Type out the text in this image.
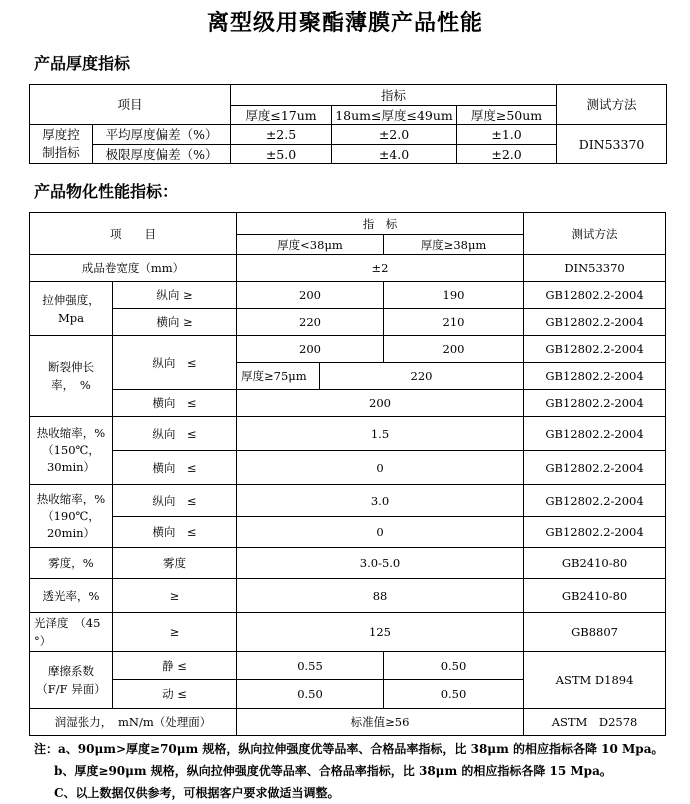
离型级用聚酯薄膜产品性能
产品厚度指标
项目		指标			测试方法
		厚度≤17um	18um≤厚度≤49um	厚度≥50um	
厚度控
制指标	平均厚度偏差（%）	±2.5	±2.0	±1.0	DIN53370
	极限厚度偏差（%）	±5.0	±4.0	±2.0	
产品物化性能指标：
项　　目		指　标			测试方法
		厚度<38μm		厚度≥38μm	
成品卷宽度（mm）		±2			DIN53370
拉伸强度，
Mpa	纵向 ≥	200		190	GB12802.2-2004
	横向 ≥	220		210	GB12802.2-2004
断裂伸长
率，　%	纵向　≤	200		200	GB12802.2-2004
		厚度≥75μm	220		GB12802.2-2004
	横向　≤	200			GB12802.2-2004
热收缩率，%
（150℃，
30min）	纵向　≤	1.5			GB12802.2-2004
	横向　≤	0			GB12802.2-2004
热收缩率，%
（190℃，
20min）	纵向　≤	3.0			GB12802.2-2004
	横向　≤	0			GB12802.2-2004
雾度，%	雾度	3.0-5.0			GB2410-80
透光率，%	≥	88			GB2410-80
光泽度　（45
°）	≥	125			GB8807
摩擦系数
（F/F 异面）	静 ≤	0.55		0.50	ASTM D1894
	动 ≤	0.50		0.50	
润湿张力，　mN/m（处理面）		标准值≥56			ASTM　D2578
注：a、90μm>厚度≥70μm 规格，纵向拉伸强度优等品率、合格品率指标，比 38μm 的相应指标各降 10 Mpa。
b、厚度≥90μm 规格，纵向拉伸强度优等品率、合格品率指标，比 38μm 的相应指标各降 15 Mpa。
C、以上数据仅供参考，可根据客户要求做适当调整。
